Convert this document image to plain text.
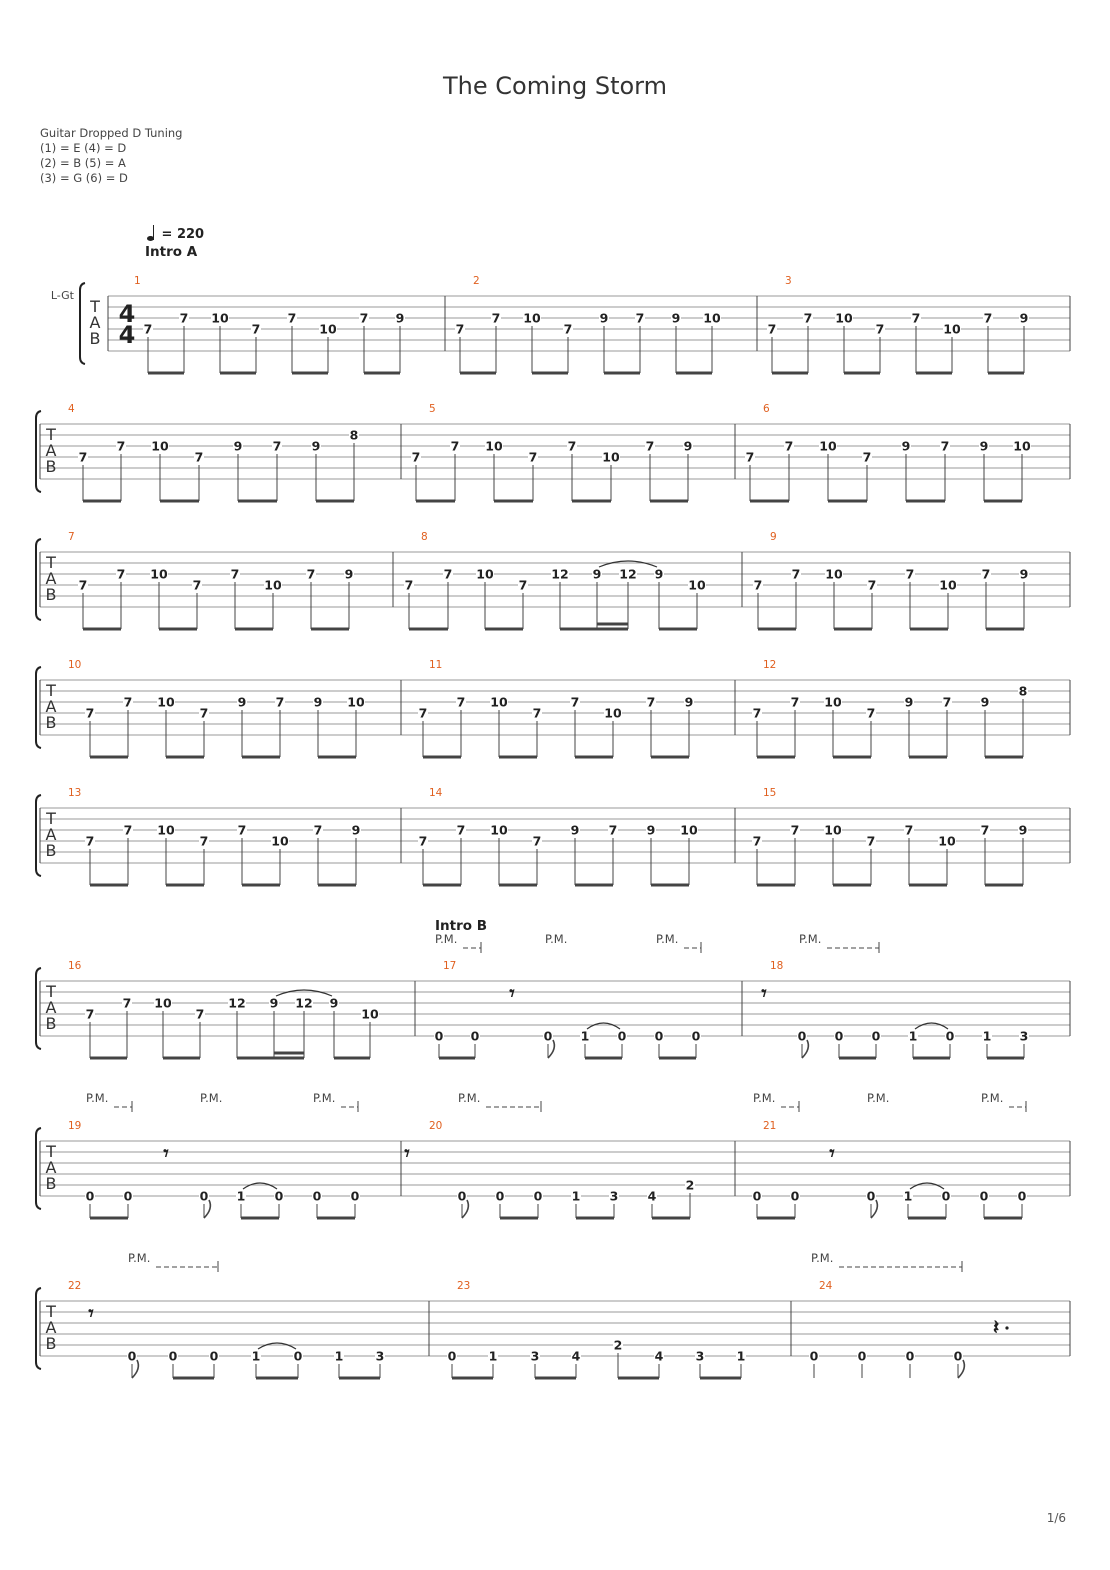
The Coming Storm
Guitar Dropped D Tuning
(1) = E (4) = D
(2) = B (5) = A
(3) = G (6) = D
= 220
T
A
B
L-Gt
4
4
Intro A
1
7
7 10
7
7
10
7 9
2
7
7 10
7
9 7 9 10
3
7
7 10
7
7
10
7 9
T
A
B
4
7
7 10
7
9 7 9
8
5
7
7 10
7
7
10
7 9
6
7
7 10
7
9 7 9 10
T
A
B
7
7
7 10
7
7
10
7 9
8
7
7 10
7
12 9 12 9
10
9
7
7 10
7
7
10
7 9
T
A
B
10
7
7 10
7
9 7 9 10
11
7
7 10
7
7
10
7 9
12
7
7 10
7
9 7 9
8
T
A
B
13
7
7 10
7
7
10
7 9
14
7
7 10
7
9 7 9 10
15
7
7 10
7
7
10
7 9
T
A
B
Intro B
P.M.	P.M.	P.M.	P.M.
16
7
7 10
7
12 9 12 9
10
17
0 0	0 1 0 0 0
18
0 0 0 1 0 1 3
𝄾	𝄾
T
A
B
P.M.	P.M.	P.M.	P.M.	P.M.	P.M.	P.M.
19
0 0	0 1 0 0 0
20
0 0 0 1 3 4
2
21
0 0	0 1 0 0 0
𝄾	𝄾	𝄾
T
A
B
P.M.	P.M.
22
0	0	0	1	0	1	3
23
0	1	3	4
2
4	3	1
24
0	0	0	0
𝄾
𝄽
1/6
